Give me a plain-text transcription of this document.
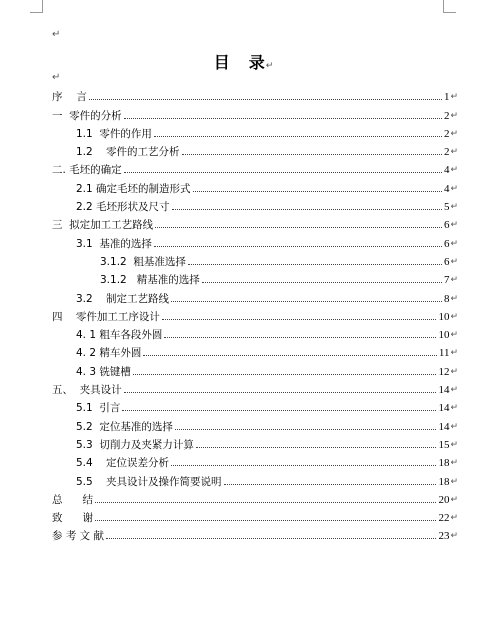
↵
目 录↵
↵
序　 言	1 ↵
一  零件的分析	2 ↵
1.1  零件的作用	2 ↵
1.2    零件的工艺分析	2 ↵
二. 毛坯的确定	4 ↵
2.1 确定毛坯的制造形式	4 ↵
2.2 毛坯形状及尺寸	5 ↵
三  拟定加工工艺路线	6 ↵
3.1  基准的选择	6 ↵
3.1.2  粗基准选择	6 ↵
3.1.2   精基准的选择	7 ↵
3.2    制定工艺路线	8 ↵
四    零件加工工序设计	10 ↵
4. 1 粗车各段外圆	10 ↵
4. 2 精车外圆	11 ↵
4. 3 铣键槽	12 ↵
五、  夹具设计	14 ↵
5.1  引言	14 ↵
5.2  定位基准的选择	14 ↵
5.3  切削力及夹紧力计算	15 ↵
5.4    定位误差分析	18 ↵
5.5    夹具设计及操作简要说明	18 ↵
总      结	20 ↵
致      谢	22 ↵
参 考 文 献	23 ↵
